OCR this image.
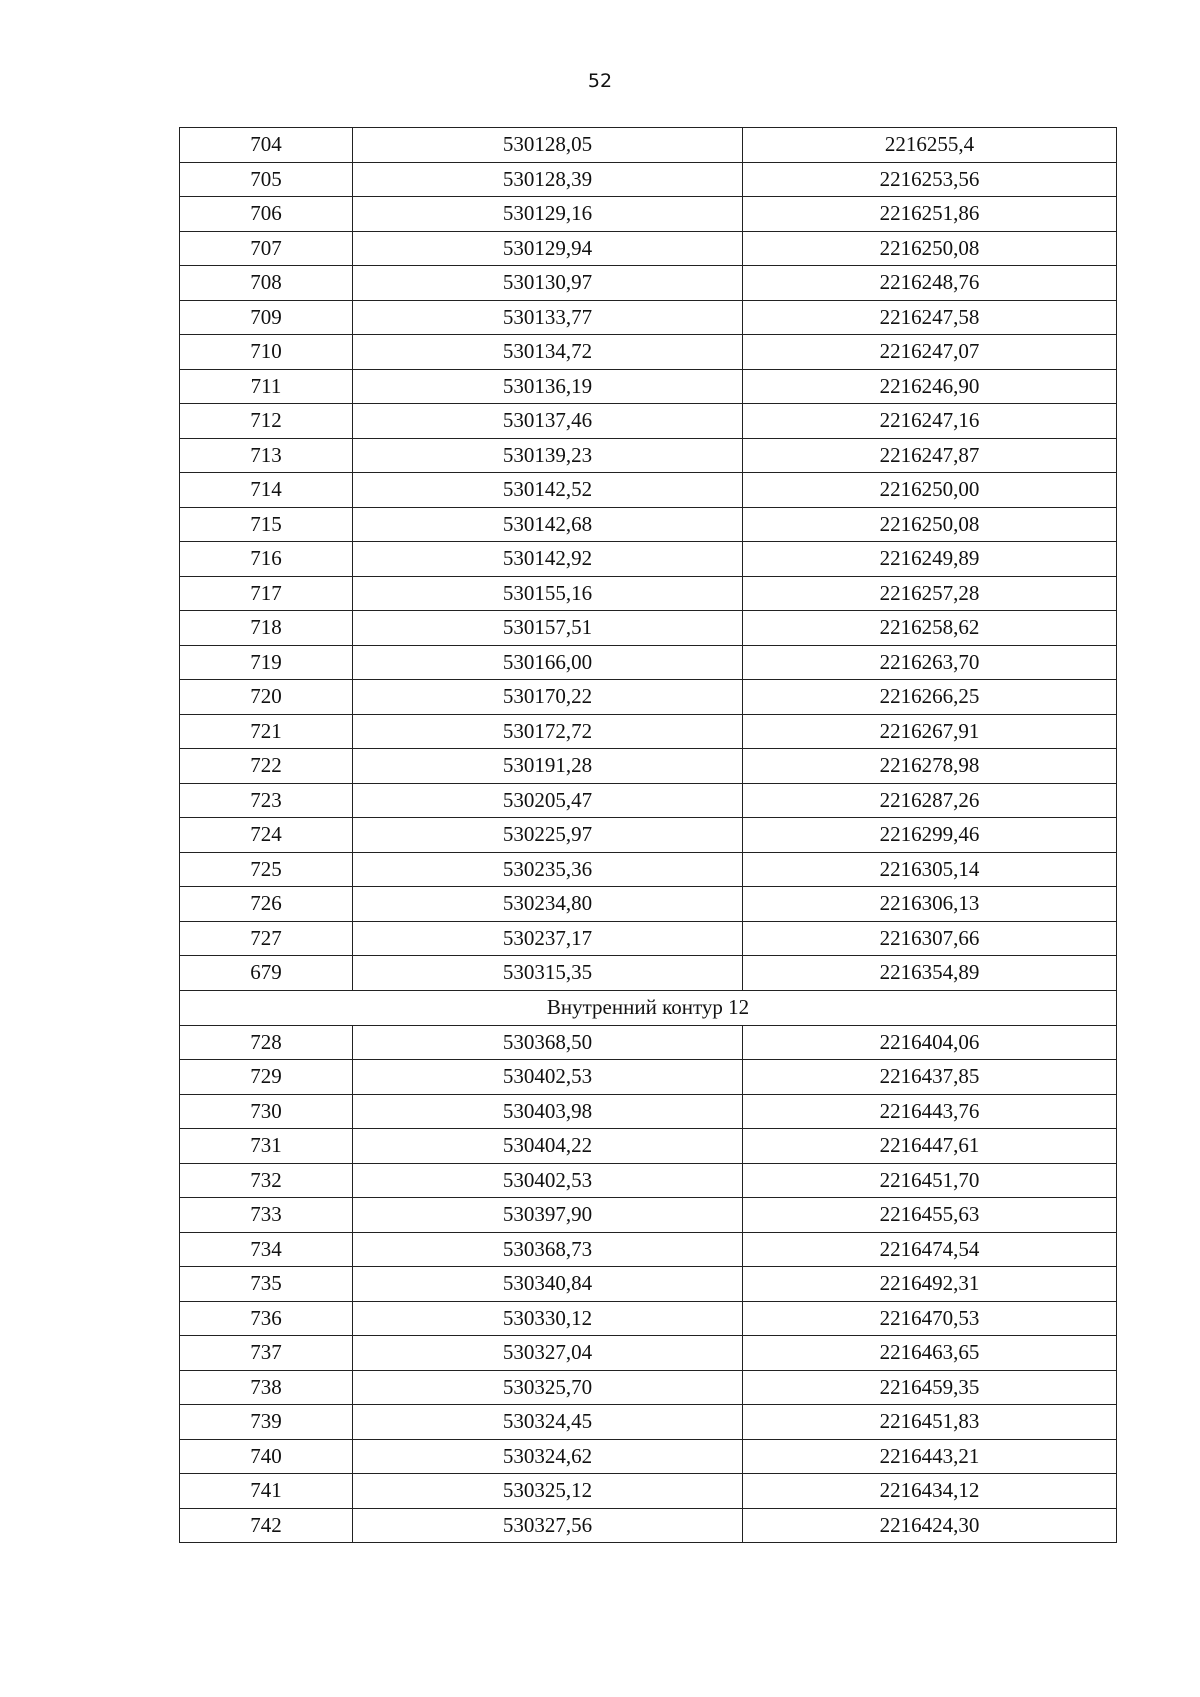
52
704	530128,05	2216255,4
705	530128,39	2216253,56
706	530129,16	2216251,86
707	530129,94	2216250,08
708	530130,97	2216248,76
709	530133,77	2216247,58
710	530134,72	2216247,07
711	530136,19	2216246,90
712	530137,46	2216247,16
713	530139,23	2216247,87
714	530142,52	2216250,00
715	530142,68	2216250,08
716	530142,92	2216249,89
717	530155,16	2216257,28
718	530157,51	2216258,62
719	530166,00	2216263,70
720	530170,22	2216266,25
721	530172,72	2216267,91
722	530191,28	2216278,98
723	530205,47	2216287,26
724	530225,97	2216299,46
725	530235,36	2216305,14
726	530234,80	2216306,13
727	530237,17	2216307,66
679	530315,35	2216354,89
Внутренний контур 12		
728	530368,50	2216404,06
729	530402,53	2216437,85
730	530403,98	2216443,76
731	530404,22	2216447,61
732	530402,53	2216451,70
733	530397,90	2216455,63
734	530368,73	2216474,54
735	530340,84	2216492,31
736	530330,12	2216470,53
737	530327,04	2216463,65
738	530325,70	2216459,35
739	530324,45	2216451,83
740	530324,62	2216443,21
741	530325,12	2216434,12
742	530327,56	2216424,30
